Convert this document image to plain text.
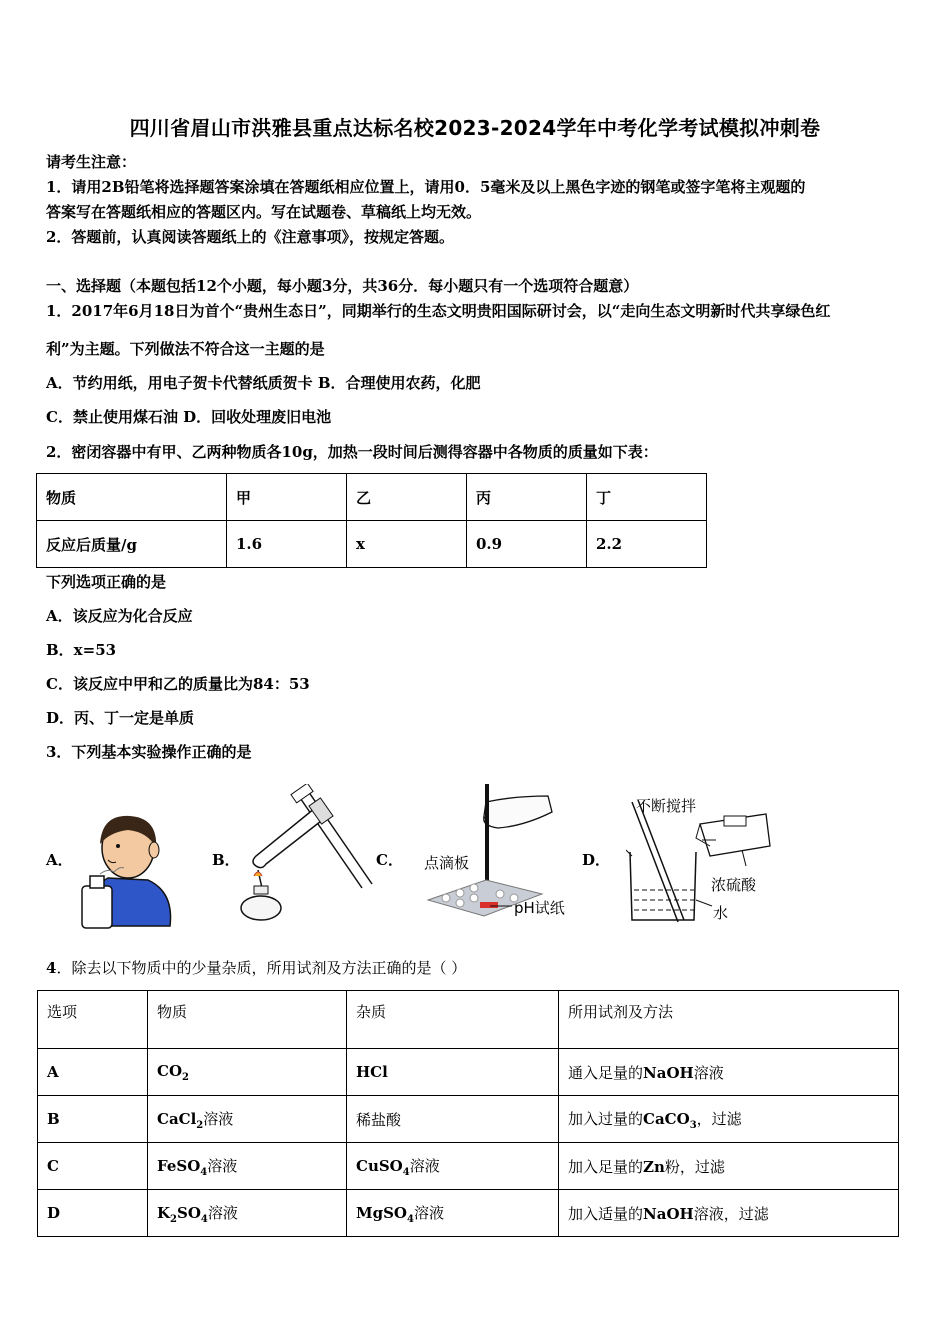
四川省眉山市洪雅县重点达标名校2023-2024学年中考化学考试模拟冲刺卷
请考生注意：
1．请用2B铅笔将选择题答案涂填在答题纸相应位置上，请用0．5毫米及以上黑色字迹的钢笔或签字笔将主观题的
答案写在答题纸相应的答题区内。写在试题卷、草稿纸上均无效。
2．答题前，认真阅读答题纸上的《注意事项》，按规定答题。
一、选择题（本题包括12个小题，每小题3分，共36分．每小题只有一个选项符合题意）
1．2017年6月18日为首个“贵州生态日”，同期举行的生态文明贵阳国际研讨会，以“走向生态文明新时代共享绿色红
利”为主题。下列做法不符合这一主题的是
A．节约用纸，用电子贺卡代替纸质贺卡 B．合理使用农药，化肥
C．禁止使用煤石油 D．回收处理废旧电池
2．密闭容器中有甲、乙两种物质各10g，加热一段时间后测得容器中各物质的质量如下表：
物质	甲	乙	丙	丁
反应后质量/g	1.6	x	0.9	2.2
下列选项正确的是
A．该反应为化合反应
B．x=53
C．该反应中甲和乙的质量比为84：53
D．丙、丁一定是单质
3．下列基本实验操作正确的是
A．	B．	C．	D．
点滴板
pH试纸
不断搅拌
浓硫酸
水
4．除去以下物质中的少量杂质，所用试剂及方法正确的是（ ）
选项	物质	杂质	所用试剂及方法
A	$CO_2$	HCl	通入足量的NaOH溶液
B	CaCl$_2$溶液	稀盐酸	加入过量的CaCO$_3$，过滤
C	FeSO$_4$溶液	CuSO$_4$溶液	加入足量的Zn粉，过滤
D	$K_2SO_4$溶液	MgSO$_4$溶液	加入适量的NaOH溶液，过滤
